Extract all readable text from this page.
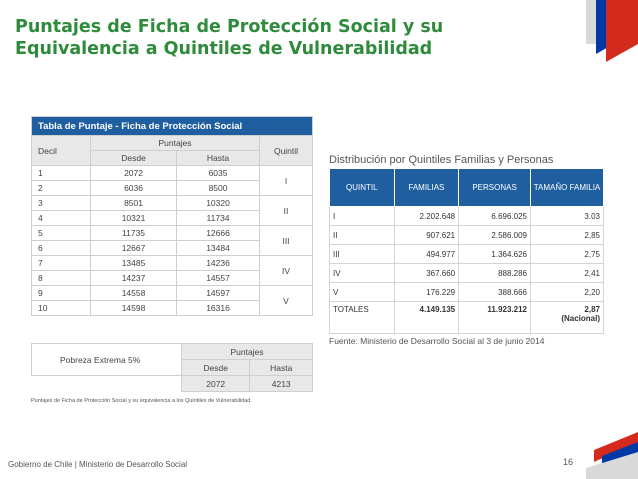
Puntajes de Ficha de Protección Social y su Equivalencia a Quintiles de Vulnerabilidad
Tabla de Puntaje - Ficha de Protección Social			
Decil	Puntajes		Quintil
	Desde	Hasta	
1	2072	6035	I
2	6036	8500	
3	8501	10320	II
4	10321	11734	
5	11735	12666	III
6	12667	13484	
7	13485	14236	IV
8	14237	14557	
9	14558	14597	V
10	14598	16316	
Pobreza Extrema 5%	Puntajes	
	Desde	Hasta
	2072	4213
Puntajes de Ficha de Protección Social y su equivalencia a los Quintiles de Vulnerabilidad.
Distribución por Quintiles Familias y Personas
QUINTIL	FAMILIAS	PERSONAS	TAMAÑO FAMILIA
I	2.202.648	6.696.025	3.03
II	907.621	2.586.009	2,85
III	494.977	1.364.626	2,75
IV	367.660	888.286	2,41
V	176.229	388.666	2,20
TOTALES	4.149.135	11.923.212	2,87
(Nacional)
Fuente: Ministerio de Desarrollo Social al 3 de junio 2014
Gobierno de Chile | Ministerio de Desarrollo Social	16
